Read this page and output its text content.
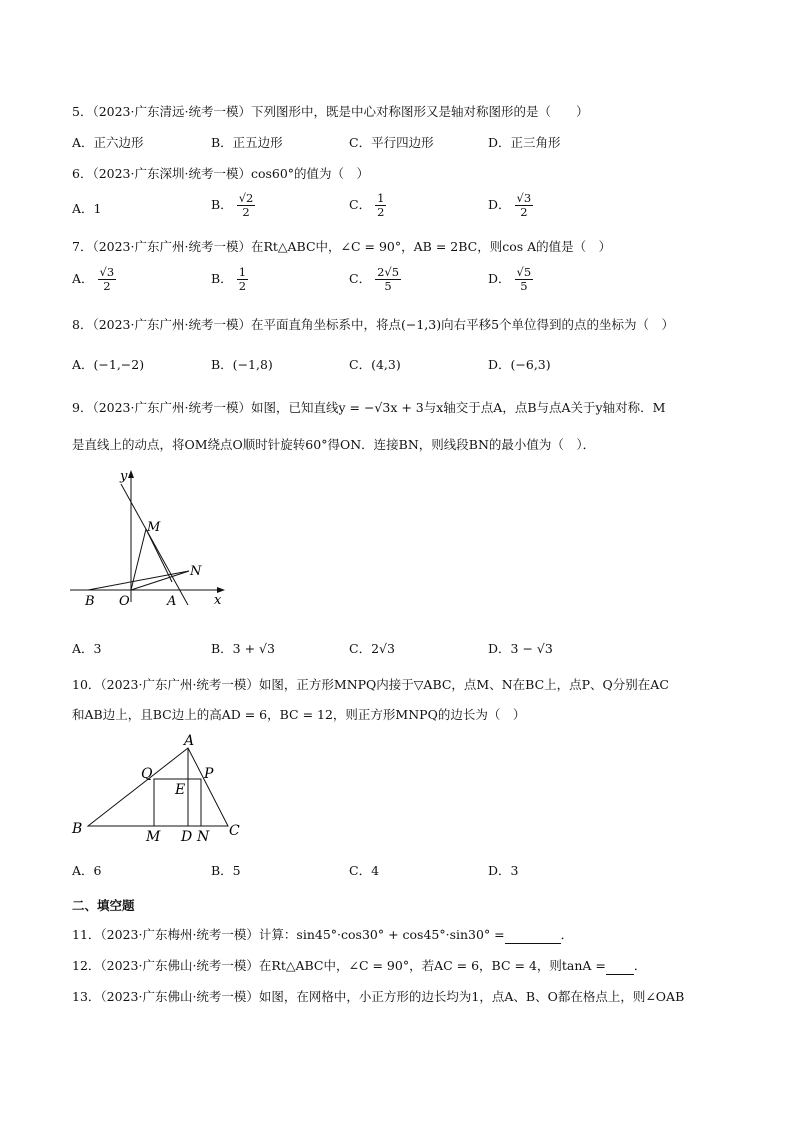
5．（2023·广东清远·统考一模）下列图形中，既是中心对称图形又是轴对称图形的是（　　）
A．正六边形	B．正五边形	C．平行四边形	D．正三角形
6．（2023·广东深圳·统考一模）cos60°的值为（　）
A．1	B． $\frac{√2}{2}$	C． $\frac{1}{2}$	D． $\frac{√3}{2}$
7．（2023·广东广州·统考一模）在Rt△ABC中，∠C = 90°，AB = 2BC，则cos A的值是（　）
A． $\frac{√3}{2}$	B． $\frac{1}{2}$	C． $\frac{2√5}{5}$	D． $\frac{√5}{5}$
8．（2023·广东广州·统考一模）在平面直角坐标系中，将点(−1,3)向右平移5个单位得到的点的坐标为（　）
A．(−1,−2)	B．(−1,8)	C．(4,3)	D．(−6,3)
9．（2023·广东广州·统考一模）如图，已知直线y = −√3x + 3与x轴交于点A，点B与点A关于y轴对称．M
是直线上的动点，将OM绕点O顺时针旋转60°得ON．连接BN，则线段BN的最小值为（　）．
y
x
M
N
B O	A
A．3	B．3 + √3	C．2√3	D．3 − √3
10．（2023·广东广州·统考一模）如图，正方形MNPQ内接于▽ABC，点M、N在BC上，点P、Q分别在AC
和AB边上，且BC边上的高AD = 6，BC = 12，则正方形MNPQ的边长为（　）
A
Q	P
E
B	M D N C
A．6	B．5	C．4	D．3
二、填空题
11．（2023·广东梅州·统考一模）计算：sin45°·cos30° + cos45°·sin30° =	．
12．（2023·广东佛山·统考一模）在Rt△ABC中，∠C = 90°，若AC = 6，BC = 4，则tanA = ．
13．（2023·广东佛山·统考一模）如图，在网格中，小正方形的边长均为1，点A、B、O都在格点上，则∠OAB
